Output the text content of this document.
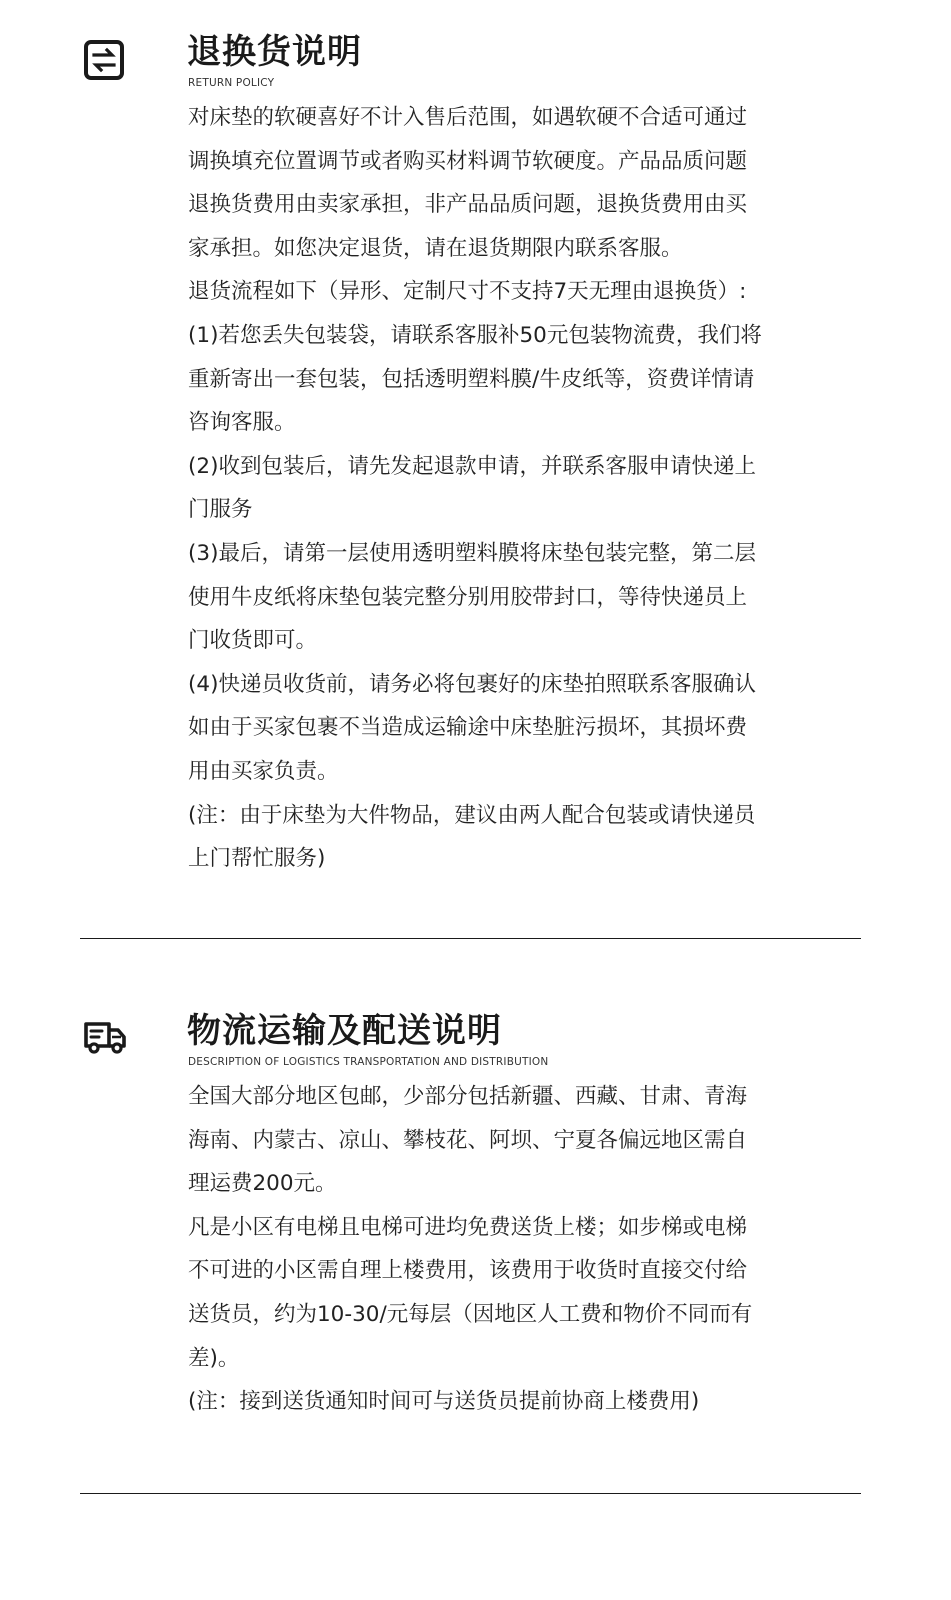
退换货说明
RETURN POLICY
对床垫的软硬喜好不计入售后范围，如遇软硬不合适可通过
调换填充位置调节或者购买材料调节软硬度。产品品质问题
退换货费用由卖家承担，非产品品质问题，退换货费用由买
家承担。如您决定退货，请在退货期限内联系客服。
退货流程如下（异形、定制尺寸不支持7天无理由退换货）:
(1)若您丢失包装袋，请联系客服补50元包装物流费，我们将
重新寄出一套包装，包括透明塑料膜/牛皮纸等，资费详情请
咨询客服。
(2)收到包装后，请先发起退款申请，并联系客服申请快递上
门服务
(3)最后，请第一层使用透明塑料膜将床垫包装完整，第二层
使用牛皮纸将床垫包装完整分别用胶带封口，等待快递员上
门收货即可。
(4)快递员收货前，请务必将包裹好的床垫拍照联系客服确认
如由于买家包裹不当造成运输途中床垫脏污损坏，其损坏费
用由买家负责。
(注：由于床垫为大件物品，建议由两人配合包装或请快递员
上门帮忙服务)
物流运输及配送说明
DESCRIPTION OF LOGISTICS TRANSPORTATION AND DISTRIBUTION
全国大部分地区包邮，少部分包括新疆、西藏、甘肃、青海
海南、内蒙古、凉山、攀枝花、阿坝、宁夏各偏远地区需自
理运费200元。
凡是小区有电梯且电梯可进均免费送货上楼；如步梯或电梯
不可进的小区需自理上楼费用，该费用于收货时直接交付给
送货员，约为10-30/元每层（因地区人工费和物价不同而有
差)。
(注：接到送货通知时间可与送货员提前协商上楼费用)
